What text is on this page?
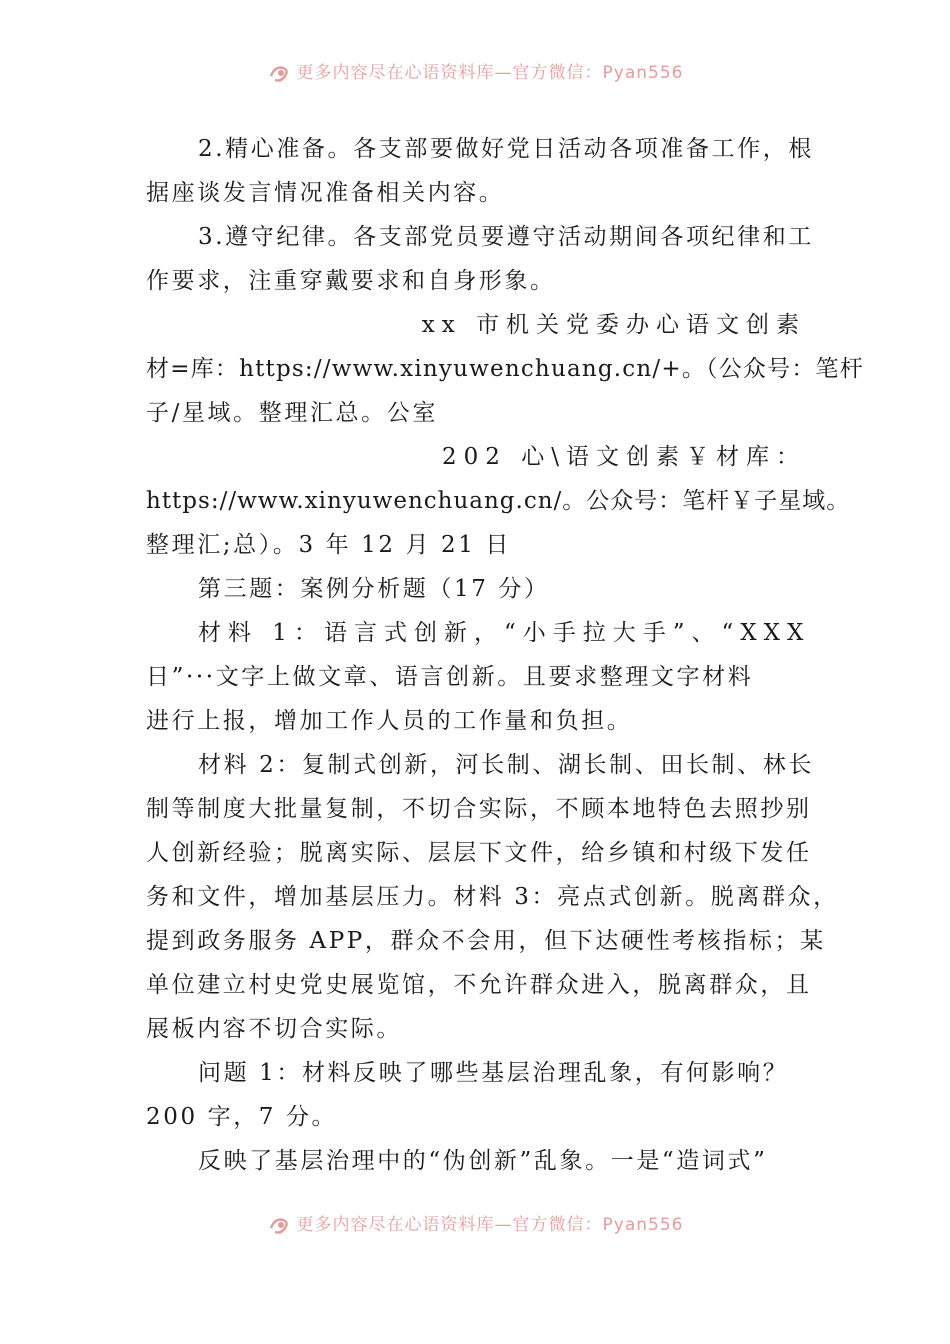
更多内容尽在心语资料库—官方微信：Pyan556
2.精心准备。各支部要做好党日活动各项准备工作，根
据座谈发言情况准备相关内容。
3.遵守纪律。各支部党员要遵守活动期间各项纪律和工
作要求，注重穿戴要求和自身形象。
xx 市机关党委办心语文创素
材=库：https://www.xinyuwenchuang.cn/+。（公众号：笔杆
子/星域。整理汇总。公室
202 心\语文创素￥材库：
https://www.xinyuwenchuang.cn/。公众号：笔杆￥子星域。
整理汇;总）。3 年 12 月 21 日
第三题：案例分析题（17 分）
材料 1：语言式创新，“小手拉大手”、“XXX
日”···文字上做文章、语言创新。且要求整理文字材料
进行上报，增加工作人员的工作量和负担。
材料 2：复制式创新，河长制、湖长制、田长制、林长
制等制度大批量复制，不切合实际，不顾本地特色去照抄别
人创新经验；脱离实际、层层下文件，给乡镇和村级下发任
务和文件，增加基层压力。材料 3：亮点式创新。脱离群众，
提到政务服务 APP，群众不会用，但下达硬性考核指标；某
单位建立村史党史展览馆，不允许群众进入，脱离群众，且
展板内容不切合实际。
问题 1：材料反映了哪些基层治理乱象，有何影响？
200 字，7 分。
反映了基层治理中的“伪创新”乱象。一是“造词式”
更多内容尽在心语资料库—官方微信：Pyan556
